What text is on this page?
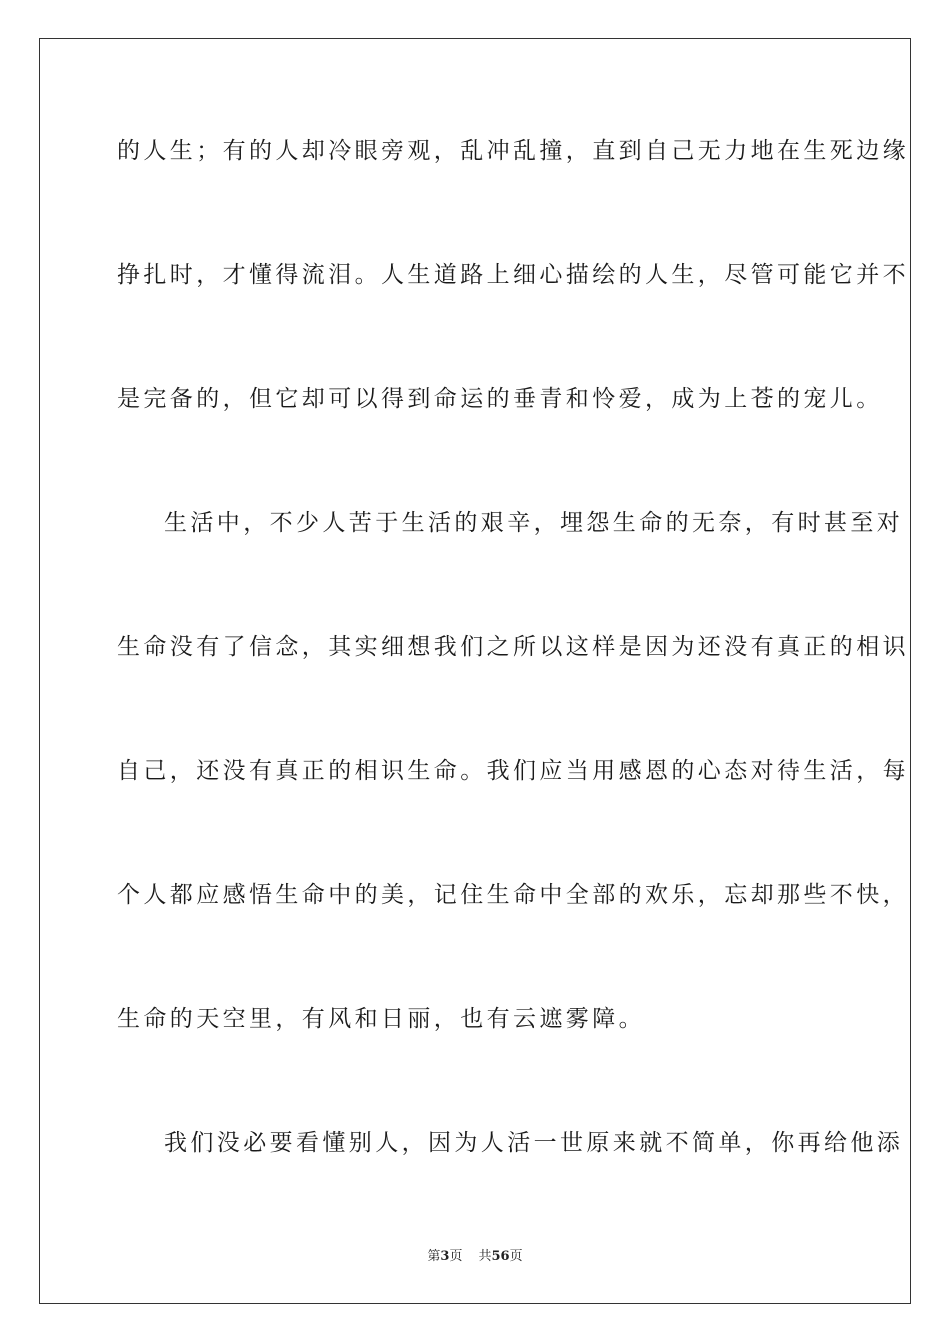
的人生；有的人却冷眼旁观，乱冲乱撞，直到自己无力地在生死边缘
挣扎时，才懂得流泪。人生道路上细心描绘的人生，尽管可能它并不
是完备的，但它却可以得到命运的垂青和怜爱，成为上苍的宠儿。
生活中，不少人苦于生活的艰辛，埋怨生命的无奈，有时甚至对
生命没有了信念，其实细想我们之所以这样是因为还没有真正的相识
自己，还没有真正的相识生命。我们应当用感恩的心态对待生活，每
个人都应感悟生命中的美，记住生命中全部的欢乐，忘却那些不快，
生命的天空里，有风和日丽，也有云遮雾障。
我们没必要看懂别人，因为人活一世原来就不简单，你再给他添
第3页 共56页
